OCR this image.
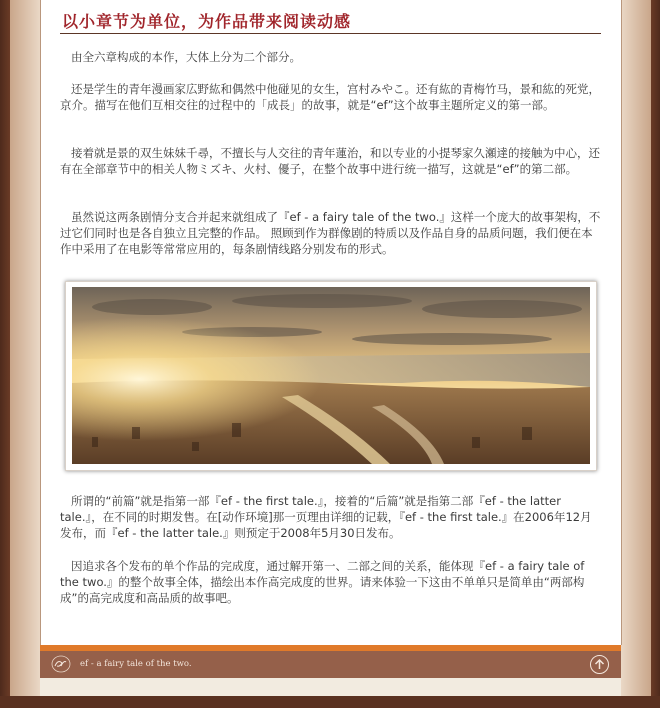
以小章节为单位，为作品带来阅读动感

由全六章构成的本作，大体上分为二个部分。

还是学生的青年漫画家広野紘和偶然中他碰见的女生，宫村みやこ。还有紘的青梅竹马，景和紘的死党，京介。描写在他们互相交往的过程中的「成長」的故事，就是“ef”这个故事主题所定义的第一部。

接着就是景的双生妹妹千尋，不擅长与人交往的青年蓮治，和以专业的小提琴家久瀬達的接触为中心，还有在全部章节中的相关人物ミズキ、火村、優子，在整个故事中进行统一描写，这就是“ef”的第二部。

虽然说这两条剧情分支合并起来就组成了『ef - a fairy tale of the two.』这样一个庞大的故事架构，不过它们同时也是各自独立且完整的作品。 照顾到作为群像剧的特质以及作品自身的品质问题，我们便在本作中采用了在电影等常常应用的，每条剧情线路分别发布的形式。

所谓的“前篇”就是指第一部『ef - the first tale.』，接着的“后篇”就是指第二部『ef - the latter tale.』，在不同的时期发售。在[动作环境]那一页理由详细的记载，『ef - the first tale.』在2006年12月发布，而『ef - the latter tale.』则预定于2008年5月30日发布。

因追求各个发布的单个作品的完成度，通过解开第一、二部之间的关系，能体现『ef - a fairy tale of the two.』的整个故事全体，描绘出本作高完成度的世界。请来体验一下这由不单单只是简单由“两部构成”的高完成度和高品质的故事吧。

ef - a fairy tale of the two.
